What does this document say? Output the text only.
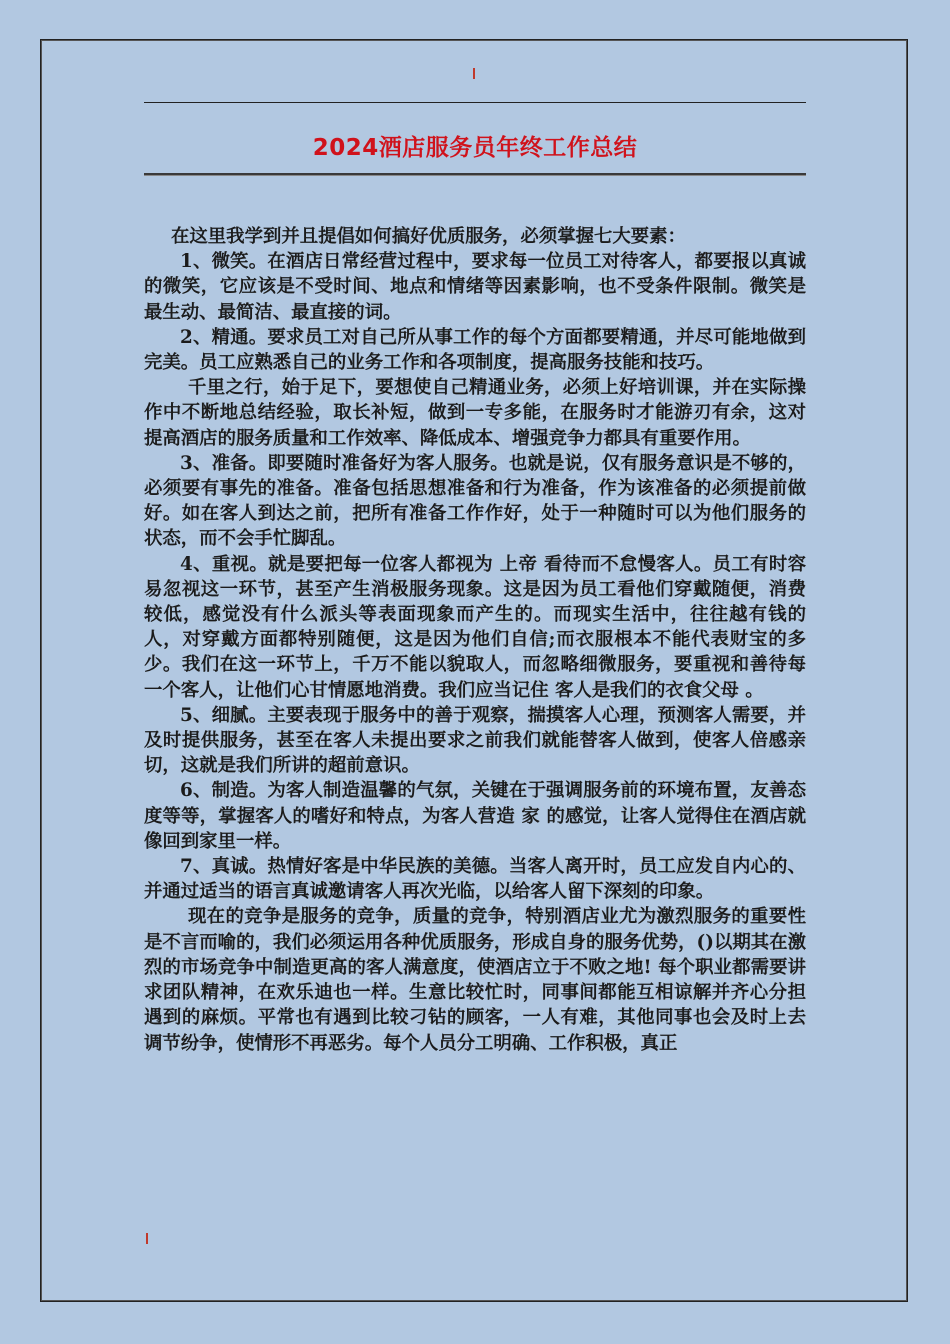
2024酒店服务员年终工作总结

在这里我学到并且提倡如何搞好优质服务，必须掌握七大要素：

1、微笑。在酒店日常经营过程中，要求每一位员工对待客人，都要报以真诚的微笑，它应该是不受时间、地点和情绪等因素影响，也不受条件限制。微笑是最生动、最简洁、最直接的词。

2、精通。要求员工对自己所从事工作的每个方面都要精通，并尽可能地做到完美。员工应熟悉自己的业务工作和各项制度，提高服务技能和技巧。

千里之行，始于足下，要想使自己精通业务，必须上好培训课，并在实际操作中不断地总结经验，取长补短，做到一专多能，在服务时才能游刃有余，这对提高酒店的服务质量和工作效率、降低成本、增强竞争力都具有重要作用。

3、准备。即要随时准备好为客人服务。也就是说，仅有服务意识是不够的，必须要有事先的准备。准备包括思想准备和行为准备，作为该准备的必须提前做好。如在客人到达之前，把所有准备工作作好，处于一种随时可以为他们服务的状态，而不会手忙脚乱。

4、重视。就是要把每一位客人都视为 上帝 看待而不怠慢客人。员工有时容易忽视这一环节，甚至产生消极服务现象。这是因为员工看他们穿戴随便，消费较低，感觉没有什么派头等表面现象而产生的。而现实生活中，往往越有钱的人，对穿戴方面都特别随便，这是因为他们自信;而衣服根本不能代表财宝的多少。我们在这一环节上，千万不能以貌取人，而忽略细微服务，要重视和善待每一个客人，让他们心甘情愿地消费。我们应当记住 客人是我们的衣食父母 。

5、细腻。主要表现于服务中的善于观察，揣摸客人心理，预测客人需要，并及时提供服务，甚至在客人未提出要求之前我们就能替客人做到，使客人倍感亲切，这就是我们所讲的超前意识。

6、制造。为客人制造温馨的气氛，关键在于强调服务前的环境布置，友善态度等等，掌握客人的嗜好和特点，为客人营造 家 的感觉，让客人觉得住在酒店就像回到家里一样。

7、真诚。热情好客是中华民族的美德。当客人离开时，员工应发自内心的、并通过适当的语言真诚邀请客人再次光临，以给客人留下深刻的印象。

现在的竞争是服务的竞争，质量的竞争，特别酒店业尤为激烈服务的重要性是不言而喻的，我们必须运用各种优质服务，形成自身的服务优势，()以期其在激烈的市场竞争中制造更高的客人满意度，使酒店立于不败之地! 每个职业都需要讲求团队精神，在欢乐迪也一样。生意比较忙时，同事间都能互相谅解并齐心分担遇到的麻烦。平常也有遇到比较刁钻的顾客，一人有难，其他同事也会及时上去调节纷争，使情形不再恶劣。每个人员分工明确、工作积极，真正
